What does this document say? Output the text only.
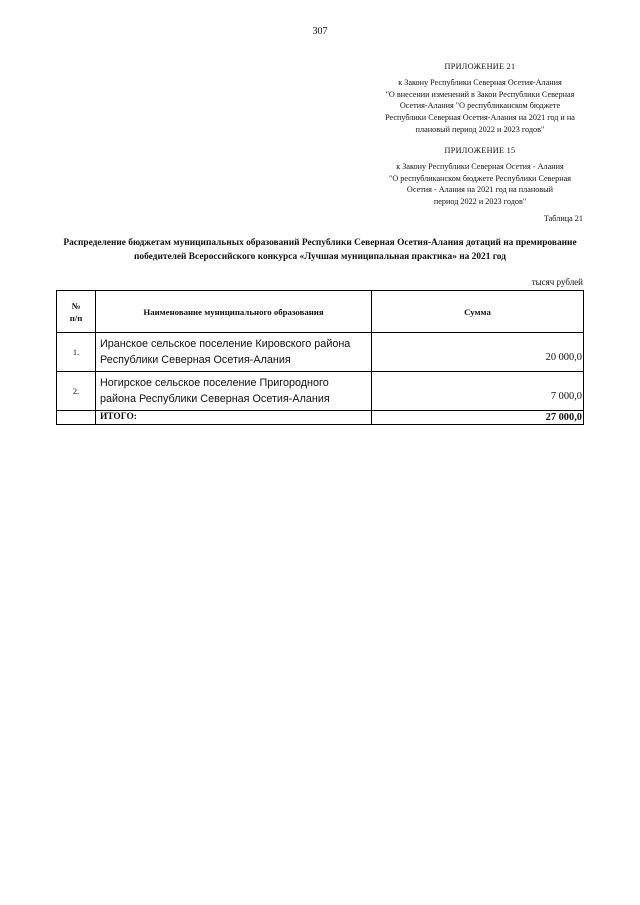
307
ПРИЛОЖЕНИЕ 21
к Закону Республики Северная Осетия-Алания
"О внесении изменений в Закон Республики Северная
Осетия-Алания "О республиканском бюджете
Республики Северная Осетия-Алания на 2021 год и на
плановый период 2022 и 2023 годов"
ПРИЛОЖЕНИЕ 15
к Закону Республики Северная Осетия - Алания
"О республиканском бюджете Республики Северная
Осетия - Алания на 2021 год на плановый
период 2022 и 2023 годов"
Таблица 21
Распределение бюджетам муниципальных образований Республики Северная Осетия-Алания дотаций на премирование победителей Всероссийского конкурса «Лучшая муниципальная практика» на 2021 год
тысяч рублей
№
п/п	Наименование муниципального образования	Сумма
1.	Иранское сельское поселение Кировского района Республики Северная Осетия-Алания	20 000,0
2.	Ногирское сельское поселение Пригородного района Республики Северная Осетия-Алания	7 000,0
	ИТОГО:	27 000,0
